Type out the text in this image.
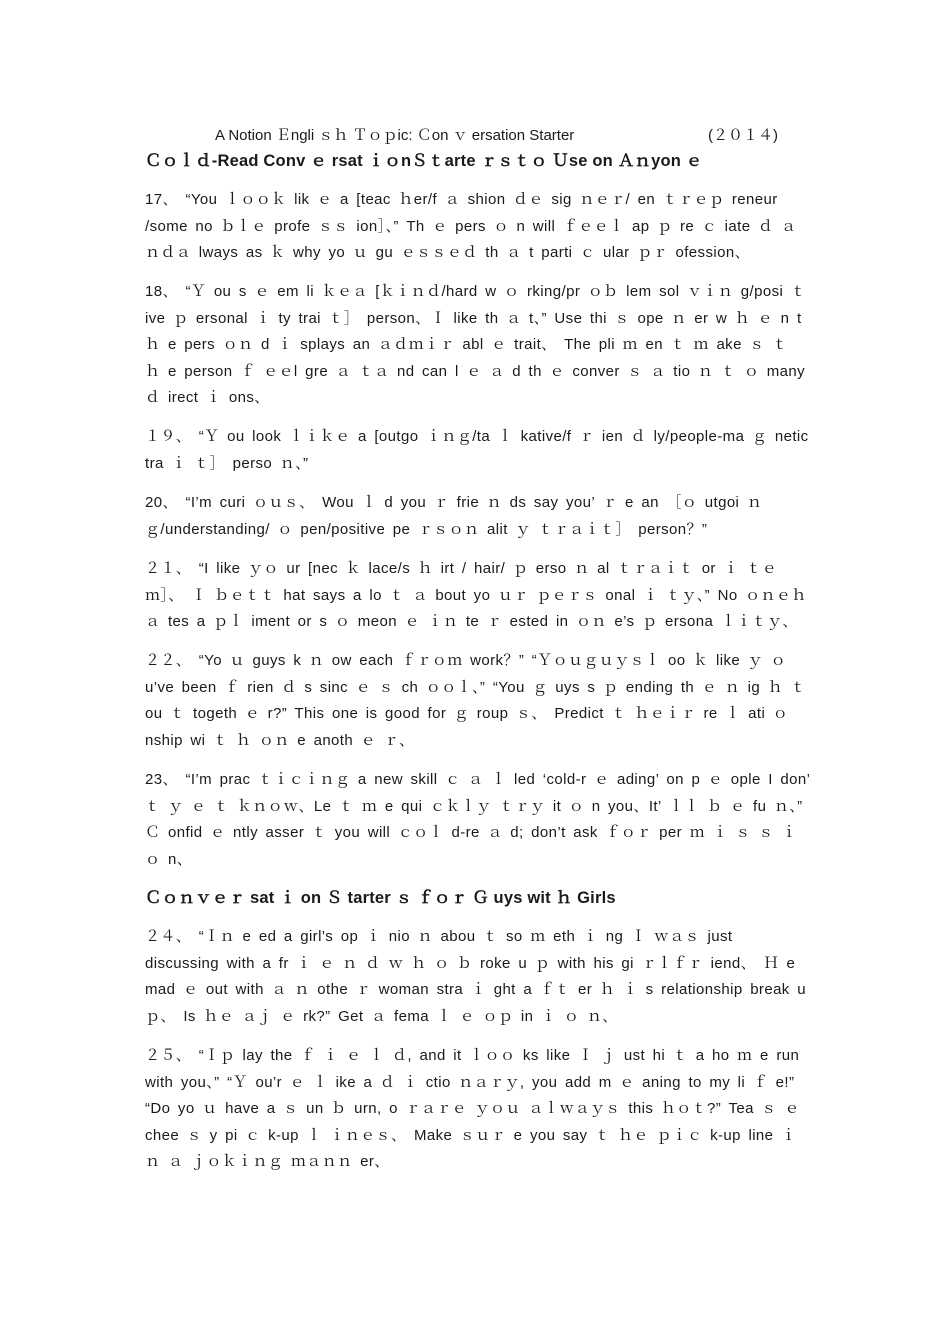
A Notion Ｅngli ｓｈ Ｔｏｐic: Ｃon ｖ ersation Starter	(２０１４)
Ｃｏｌｄ-Read Conv ｅ rsat ｉｏnＳｔarte ｒｓｔｏ Ｕse on Ａｎyon ｅ

17、 “You ｌｏｏｋ lik ｅ a [teac ｈer/f ａ shion ｄｅ sig ｎｅｒ/ en ｔｒｅｐ reneur /some no ｂｌｅ profe ｓｓ ion］、” Th ｅ pers ｏ n will ｆｅｅｌ ap ｐ re ｃ iate ｄ ａｎｄａ lways as ｋ why yo ｕ gu ｅｓｓｅｄ th ａ t parti ｃ ular ｐｒ ofession、

18、 “Ｙ ou s ｅ em li ｋｅａ [ｋｉｎｄ/hard w ｏ rking/pr ｏｂ lem sol ｖｉｎ g/posi ｔ ive ｐ ersonal ｉ ty trai ｔ］ person、Ｉ like th ａ t、” Use thi ｓ ope ｎ er w ｈ ｅ n t ｈ e pers ｏｎ d ｉ splays an ａｄｍｉｒ abl ｅ trait、 The pli ｍ en ｔ ｍ ake ｓ ｔ ｈ e person ｆ ｅｅl gre ａ ｔａ nd can l ｅ ａ d th ｅ conver ｓ ａ tio ｎ ｔ ｏ many ｄ irect ｉ ons、

１９、 “Ｙ ou look ｌｉｋｅ a [outgo ｉｎｇ/ta ｌ kative/f ｒ ien ｄ ly/people-ma ｇ netic tra ｉ ｔ］ perso ｎ、”

20、 “I’m curi ｏｕｓ、 Wou ｌ d you ｒ frie ｎ ds say you’ ｒ e an ［ｏ utgoi ｎ ｇ/understanding/ ｏ pen/positive pe ｒｓｏｎ alit ｙ ｔｒａｉｔ］ person？”

２１、 “I like ｙｏ ur [nec ｋ lace/s ｈ irt / hair/ ｐ erso ｎ al ｔｒａｉｔ or ｉ ｔｅｍ］、 Ｉ ｂｅｔｔ hat says a lo ｔ ａ bout yo ｕｒ ｐｅｒｓ onal ｉ ｔｙ、” No ｏｎｅｈ ａ tes a ｐｌ iment or s ｏ meon ｅ ｉｎ te ｒ ested in ｏｎ e’s ｐ ersona ｌｉｔｙ、

２２、 “Yo ｕ guys k ｎ ow each ｆｒｏｍ work？” “Ｙｏｕｇｕｙｓｌ oo ｋ like ｙ ｏ u’ve been ｆ rien ｄ s sinc ｅ ｓ ch ｏｏｌ、” “You ｇ uys s ｐ ending th ｅ ｎ ig ｈ ｔ ou ｔ togeth ｅ r?” This one is good for ｇ roup ｓ、 Predict ｔ ｈｅｉｒ re ｌ ati ｏ nship wi ｔ ｈ ｏｎ e anoth ｅ ｒ、

23、 “I’m prac ｔｉｃｉｎｇ a new skill ｃ ａ ｌ led ‘cold-r ｅ ading’ on p ｅ ople I don’ ｔ ｙ ｅ ｔ ｋｎｏｗ、Le ｔ ｍ e qui ｃｋｌｙ ｔｒｙ it ｏ n you、It’ ｌｌ ｂ ｅ fu ｎ、” Ｃ onfid ｅ ntly asser ｔ you will ｃｏｌ d-re ａ d; don’t ask ｆｏｒ per ｍ ｉ ｓ ｓ ｉｏ n、

Ｃｏｎｖｅｒ sat ｉ on Ｓ tarter ｓ ｆｏｒ Ｇ uys wit ｈ Girls

２４、 “Ｉｎ e ed a girl’s op ｉ nio ｎ abou ｔ so ｍ eth ｉ ng Ｉ ｗａｓ just discussing with a fr ｉ ｅ ｎ ｄ ｗ ｈ ｏ ｂ roke u ｐ with his gi ｒｌｆｒ iend、 Ｈ e mad ｅ out with ａ ｎ othe ｒ woman stra ｉ ght a ｆｔ er ｈ ｉ s relationship break u ｐ、 Is ｈｅ ａｊ ｅ rk?” Get ａ fema ｌ ｅ ｏｐ in ｉ ｏ ｎ、

２５、 “Ｉｐ lay the ｆ ｉ ｅ ｌ ｄ, and it ｌｏｏ ks like Ｉ ｊ ust hi ｔ a ho ｍ e run with you、” “Ｙ ou’r ｅ ｌ ike a ｄ ｉ ctio ｎａｒｙ, you add m ｅ aning to my li ｆ e!” “Do yo ｕ have a ｓ un ｂ urn, o ｒａｒｅ ｙｏｕ ａｌｗａｙｓ this ｈｏｔ?” Tea ｓ ｅ chee ｓ y pi ｃ k-up ｌ ｉｎｅｓ、 Make ｓｕｒ e you say ｔ ｈｅ ｐｉｃ k-up line ｉ ｎ ａ ｊｏｋｉｎｇ ｍａｎｎ er、
